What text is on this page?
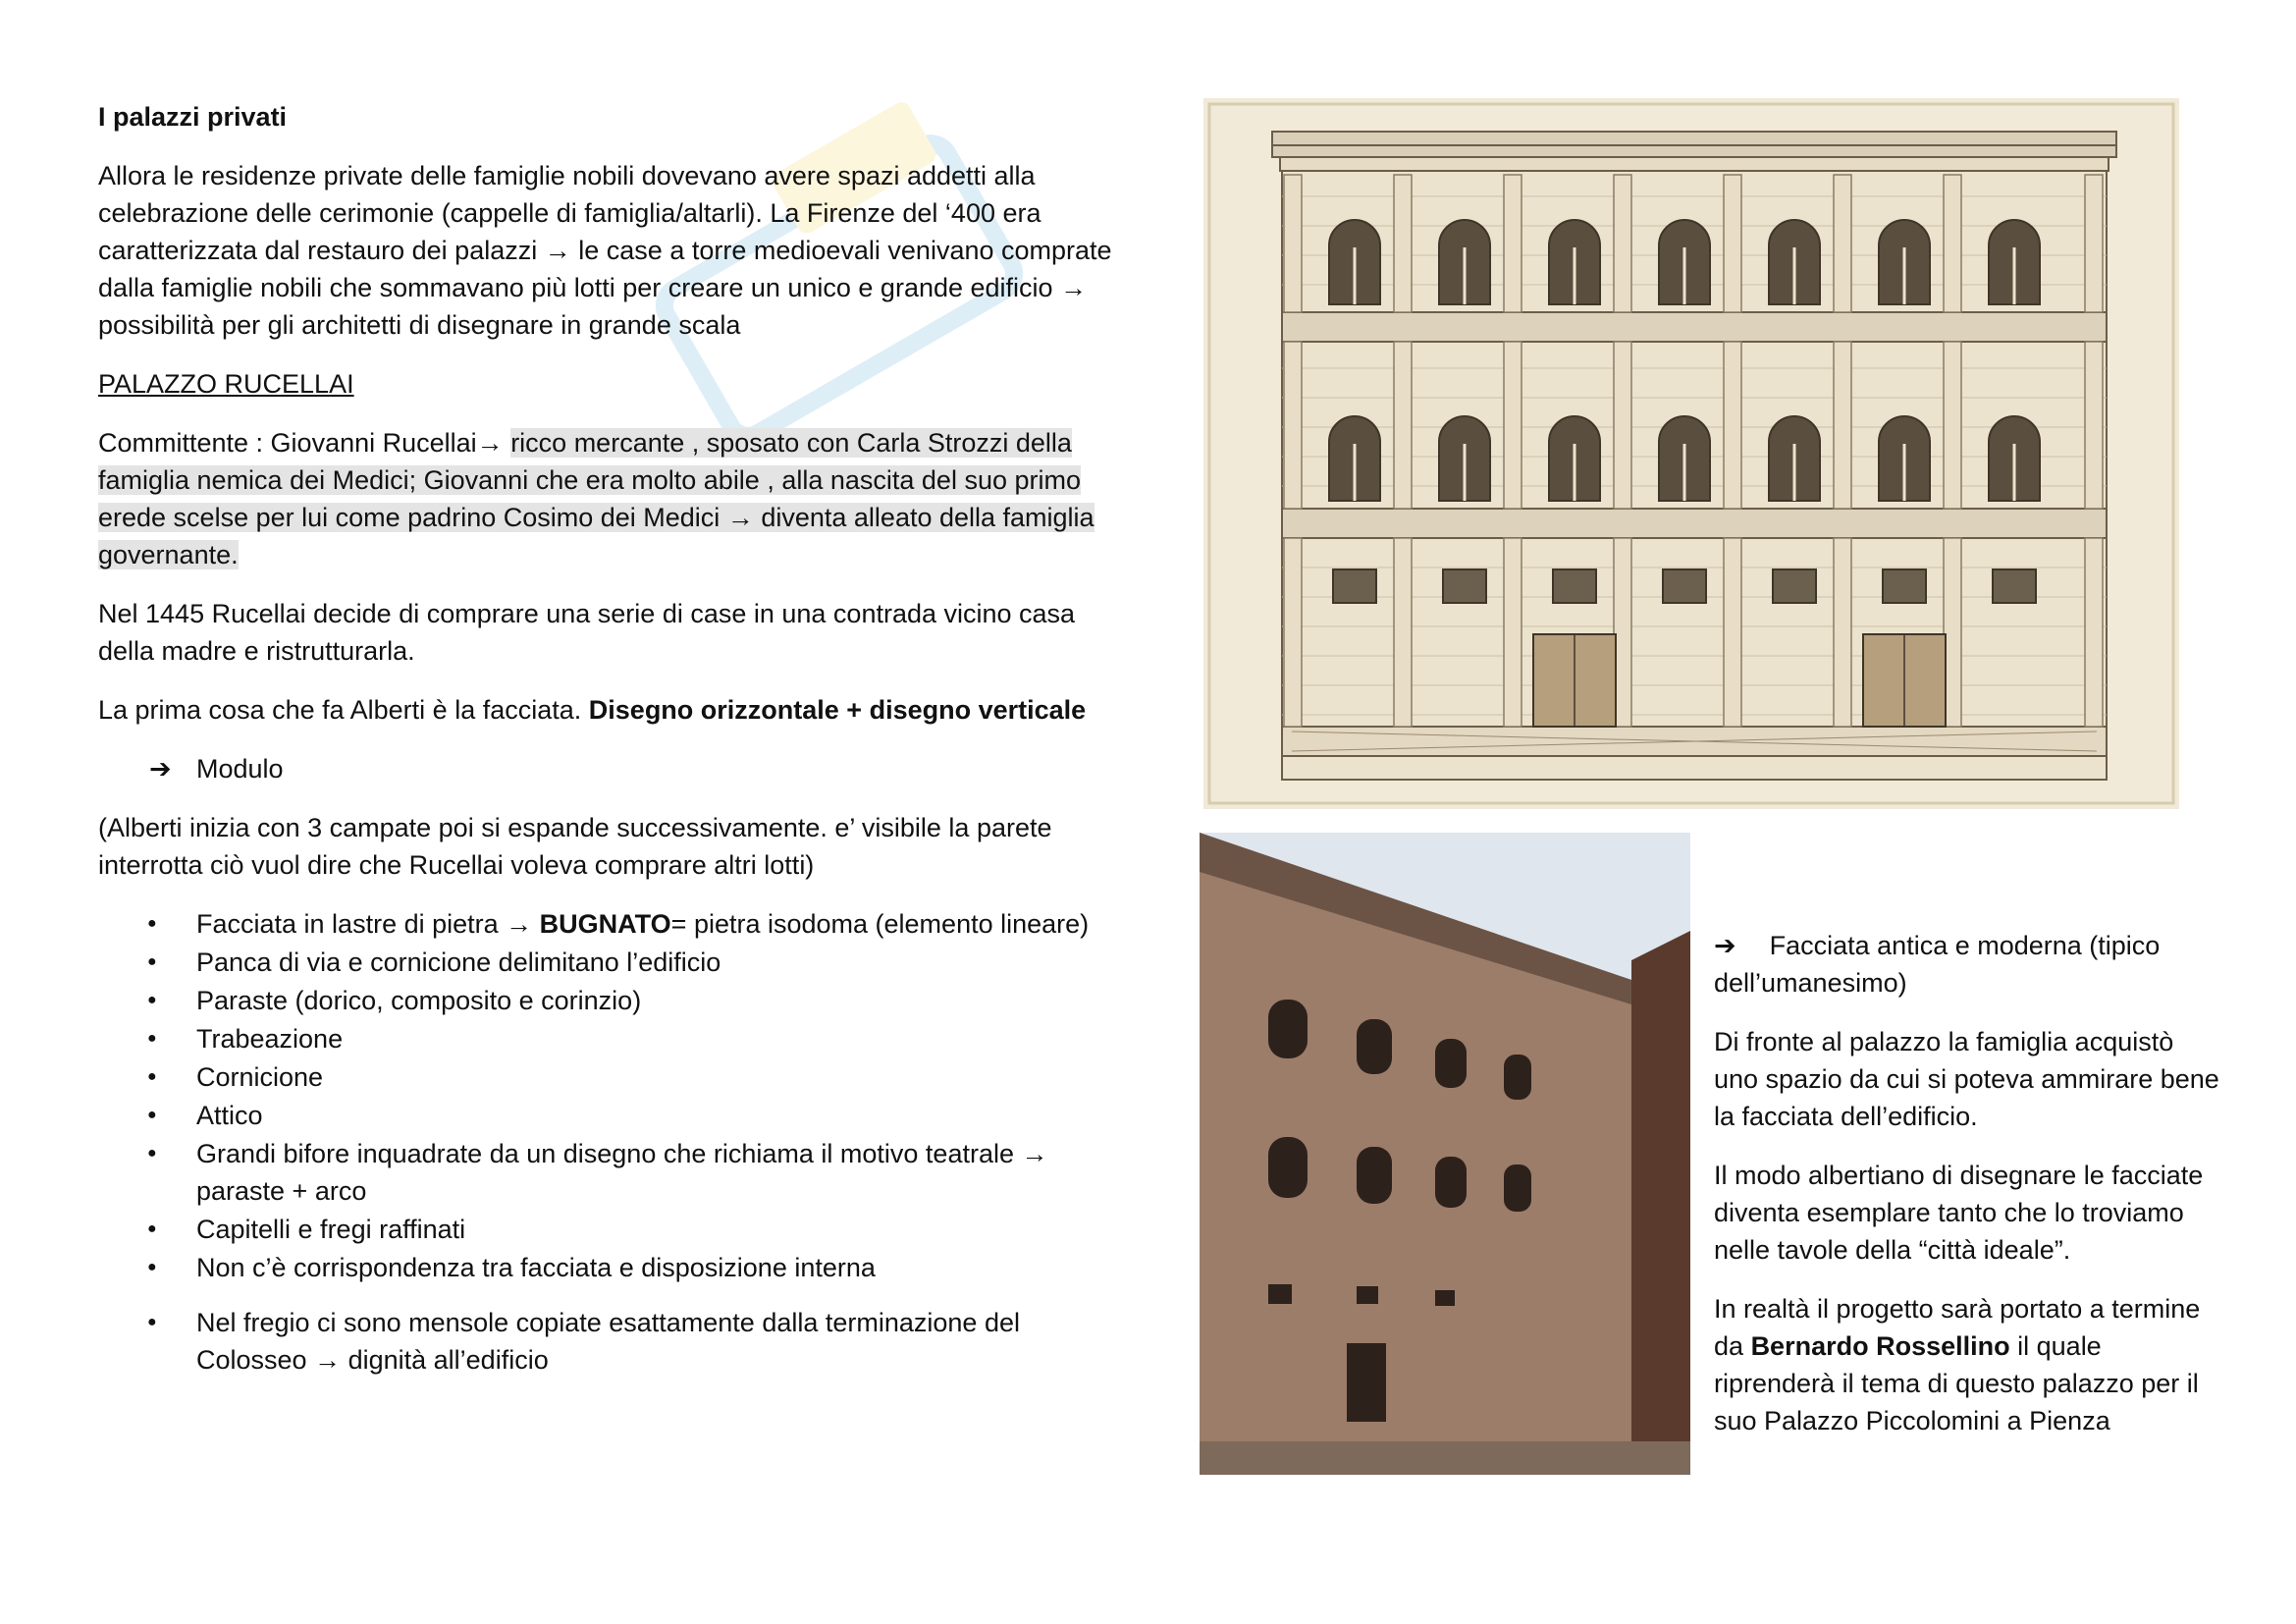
I palazzi privati

Allora le residenze private delle famiglie nobili dovevano avere spazi addetti alla celebrazione delle cerimonie (cappelle di famiglia/altarli). La Firenze del ‘400 era caratterizzata dal restauro dei palazzi → le case a torre medioevali venivano comprate dalla famiglie nobili che sommavano più lotti per creare un unico e grande edificio → possibilità per gli architetti di disegnare in grande scala

PALAZZO RUCELLAI

Committente : Giovanni Rucellai→ ricco mercante , sposato con Carla Strozzi della famiglia nemica dei Medici; Giovanni che era molto abile , alla nascita del suo primo erede scelse per lui come padrino Cosimo dei Medici → diventa alleato della famiglia governante.

Nel 1445 Rucellai decide di comprare una serie di case in una contrada vicino casa della madre e ristrutturarla.

La prima cosa che fa Alberti è la facciata. Disegno orizzontale + disegno verticale

➔ Modulo

(Alberti inizia con 3 campate poi si espande successivamente. e’ visibile la parete interrotta ciò vuol dire che Rucellai voleva comprare altri lotti)

● Facciata in lastre di pietra → BUGNATO= pietra isodoma (elemento lineare)
● Panca di via e cornicione delimitano l’edificio
● Paraste (dorico, composito e corinzio)
● Trabeazione
● Cornicione
● Attico
● Grandi bifore inquadrate da un disegno che richiama il motivo teatrale → paraste + arco
● Capitelli e fregi raffinati
● Non c’è corrispondenza tra facciata e disposizione interna
● Nel fregio ci sono mensole copiate esattamente dalla terminazione del Colosseo → dignità all’edificio

➔ Facciata antica e moderna (tipico dell’umanesimo)

Di fronte al palazzo la famiglia acquistò uno spazio da cui si poteva ammirare bene la facciata dell’edificio.

Il modo albertiano di disegnare le facciate diventa esemplare tanto che lo troviamo nelle tavole della “città ideale”.

In realtà il progetto sarà portato a termine da Bernardo Rossellino il quale riprenderà il tema di questo palazzo per il suo Palazzo Piccolomini a Pienza
